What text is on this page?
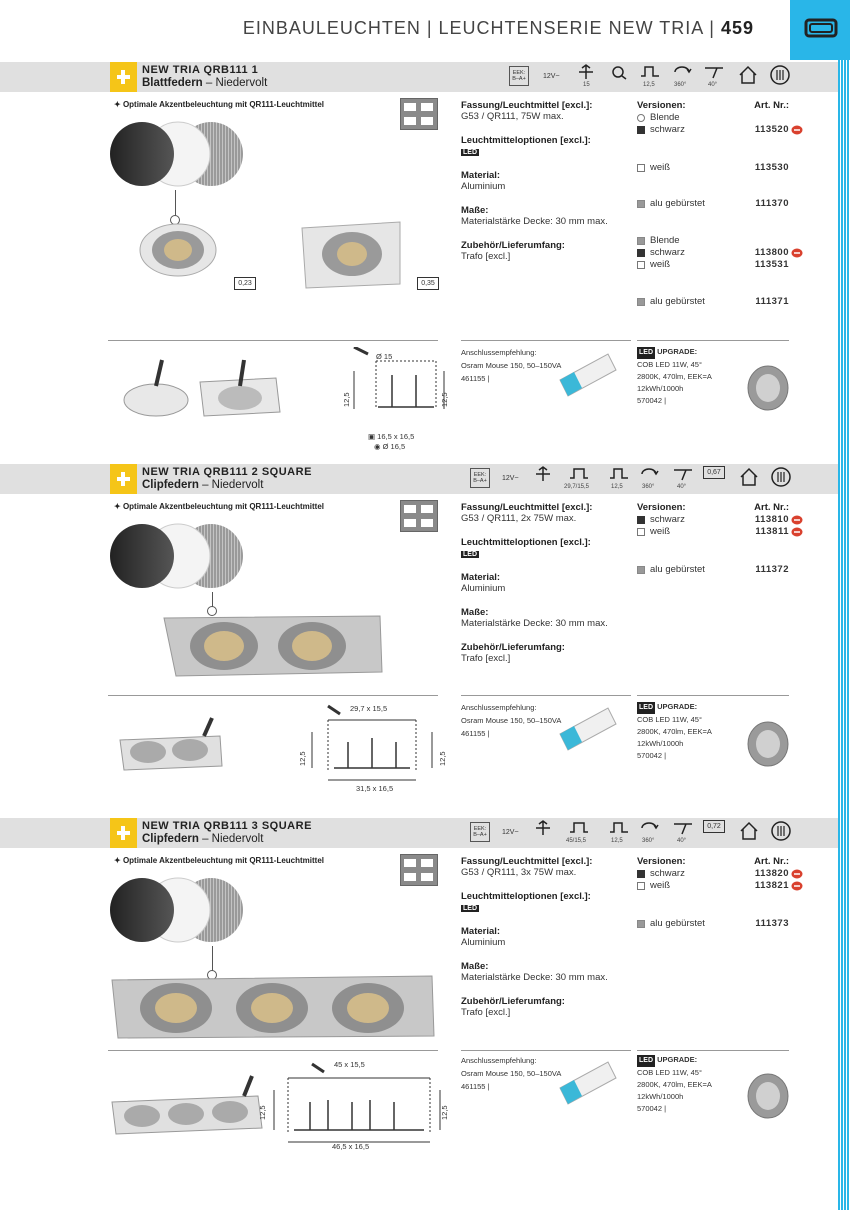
EINBAULEUCHTEN | LEUCHTENSERIE NEW TRIA | 459
NEW TRIA QRB111 1
Blattfedern – Niedervolt
EEK: B–A+	12V~
15	12,5	360°	40°
✦ Optimale Akzentbeleuchtung mit QR111-Leuchtmittel
0,23	0,35
Fassung/Leuchtmittel [excl.]:
G53 / QR111, 75W max.
Leuchtmitteloptionen [excl.]:
LED
Material:
Aluminium
Maße:
Materialstärke Decke: 30 mm max.
Zubehör/Lieferumfang:
Trafo [excl.]
Versionen:	Art. Nr.:
Blende
schwarz	113520
weiß	113530
alu gebürstet	111370
Blende
schwarz	113800
weiß	113531
alu gebürstet	111371
Ø 15
12,5	12,5
▣ 16,5 x 16,5
◉ Ø 16,5
Anschlussempfehlung:
Osram Mouse 150, 50–150VA
461155 |
LED UPGRADE:
COB LED 11W, 45°
2800K, 470lm, EEK=A
12kWh/1000h
570042 |
NEW TRIA QRB111 2 SQUARE
Clipfedern – Niedervolt
EEK: B–A+	12V~
29,7/15,5	12,5	360°	40°
0,67
✦ Optimale Akzentbeleuchtung mit QR111-Leuchtmittel	Fassung/Leuchtmittel [excl.]:
G53 / QR111, 2x 75W max.
Leuchtmitteloptionen [excl.]:
LED
Material:
Aluminium
Maße:
Materialstärke Decke: 30 mm max.
Zubehör/Lieferumfang:
Trafo [excl.]
Versionen:	Art. Nr.:
schwarz	113810
weiß	113811
alu gebürstet	111372
29,7 x 15,5
12,5	12,5
31,5 x 16,5
Anschlussempfehlung:
Osram Mouse 150, 50–150VA
461155 |
LED UPGRADE:
COB LED 11W, 45°
2800K, 470lm, EEK=A
12kWh/1000h
570042 |
NEW TRIA QRB111 3 SQUARE
Clipfedern – Niedervolt
EEK: B–A+	12V~
45/15,5	12,5	360°	40°
0,72
✦ Optimale Akzentbeleuchtung mit QR111-Leuchtmittel	Fassung/Leuchtmittel [excl.]:
G53 / QR111, 3x 75W max.
Leuchtmitteloptionen [excl.]:
LED
Material:
Aluminium
Maße:
Materialstärke Decke: 30 mm max.
Zubehör/Lieferumfang:
Trafo [excl.]
Versionen:	Art. Nr.:
schwarz	113820
weiß	113821
alu gebürstet	111373
45 x 15,5
12,5	12,5
46,5 x 16,5
Anschlussempfehlung:
Osram Mouse 150, 50–150VA
461155 |
LED UPGRADE:
COB LED 11W, 45°
2800K, 470lm, EEK=A
12kWh/1000h
570042 |
